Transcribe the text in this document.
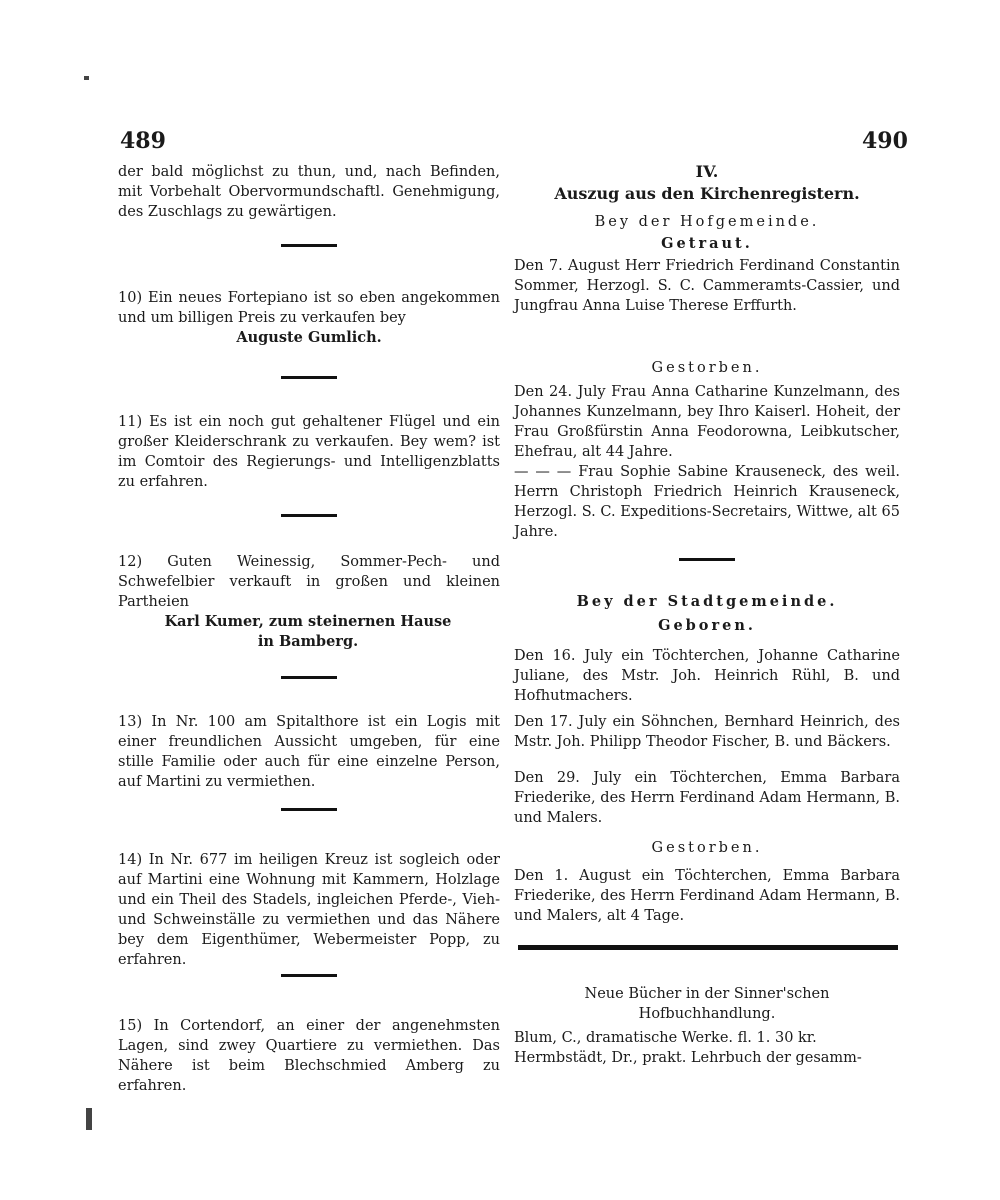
489	490

der bald möglichst zu thun, und, nach Befinden, mit Vorbehalt Obervormundschaftl. Genehmigung, des Zuschlags zu gewärtigen.

10) Ein neues Fortepiano ist so eben angekommen und um billigen Preis zu verkaufen bey

Auguste Gumlich.

11) Es ist ein noch gut gehaltener Flügel und ein großer Kleiderschrank zu verkaufen. Bey wem? ist im Comtoir des Regierungs- und Intelligenzblatts zu erfahren.

12) Guten Weinessig, Sommer-Pech- und Schwefelbier verkauft in großen und kleinen Partheien

Karl Kumer, zum steinernen Hause in Bamberg.

13) In Nr. 100 am Spitalthore ist ein Logis mit einer freundlichen Aussicht umgeben, für eine stille Familie oder auch für eine einzelne Person, auf Martini zu vermiethen.

14) In Nr. 677 im heiligen Kreuz ist sogleich oder auf Martini eine Wohnung mit Kammern, Holzlage und ein Theil des Stadels, ingleichen Pferde-, Vieh- und Schweinställe zu vermiethen und das Nähere bey dem Eigenthümer, Webermeister Popp, zu erfahren.

15) In Cortendorf, an einer der angenehmsten Lagen, sind zwey Quartiere zu vermiethen. Das Nähere ist beim Blechschmied Amberg zu erfahren.

IV.

Auszug aus den Kirchenregistern.

Bey der Hofgemeinde.

Getraut.

Den 7. August Herr Friedrich Ferdinand Constantin Sommer, Herzogl. S. C. Cammeramts-Cassier, und Jungfrau Anna Luise Therese Erffurth.

Gestorben.

Den 24. July Frau Anna Catharine Kunzelmann, des Johannes Kunzelmann, bey Ihro Kaiserl. Hoheit, der Frau Großfürstin Anna Feodorowna, Leibkutscher, Ehefrau, alt 44 Jahre.

— — — Frau Sophie Sabine Krauseneck, des weil. Herrn Christoph Friedrich Heinrich Krauseneck, Herzogl. S. C. Expeditions-Secretairs, Wittwe, alt 65 Jahre.

Bey der Stadtgemeinde.

Geboren.

Den 16. July ein Töchterchen, Johanne Catharine Juliane, des Mstr. Joh. Heinrich Rühl, B. und Hofhutmachers.

Den 17. July ein Söhnchen, Bernhard Heinrich, des Mstr. Joh. Philipp Theodor Fischer, B. und Bäckers.

Den 29. July ein Töchterchen, Emma Barbara Friederike, des Herrn Ferdinand Adam Hermann, B. und Malers.

Gestorben.

Den 1. August ein Töchterchen, Emma Barbara Friederike, des Herrn Ferdinand Adam Hermann, B. und Malers, alt 4 Tage.

Neue Bücher in der Sinner'schen Hofbuchhandlung.

Blum, C., dramatische Werke. fl. 1. 30 kr.

Hermbstädt, Dr., prakt. Lehrbuch der gesamm-
